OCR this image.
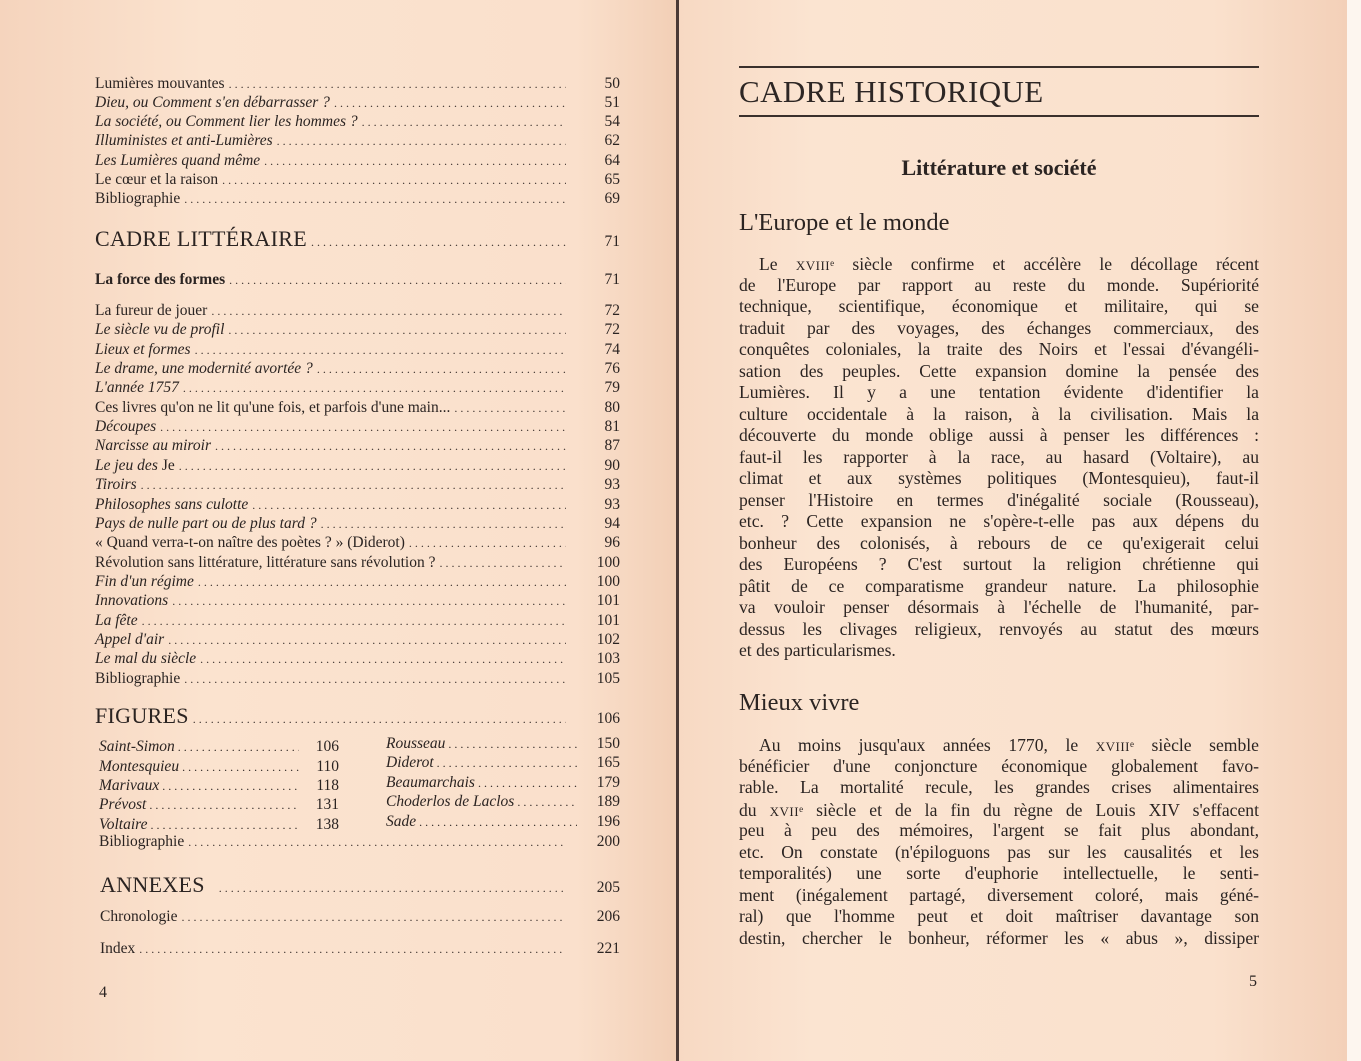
Lumières mouvantes . . .	50
Dieu, ou Comment s'en débarrasser ? . . .	51
La société, ou Comment lier les hommes ? . . .	54
Illuministes et anti-Lumières . . .	62
Les Lumières quand même . . .	64
Le cœur et la raison . . .	65
Bibliographie . . .	69
CADRE LITTÉRAIRE . . .	71
La force des formes . . .	71
La fureur de jouer . . .	72
Le siècle vu de profil . . .	72
Lieux et formes . . .	74
Le drame, une modernité avortée ? . . .	76
L'année 1757 . . .	79
Ces livres qu'on ne lit qu'une fois, et parfois d'une main... . . .	80
Découpes . . .	81
Narcisse au miroir . . .	87
Le jeu des Je . . .	90
Tiroirs . . .	93
Philosophes sans culotte . . .	93
Pays de nulle part ou de plus tard ? . . .	94
« Quand verra-t-on naître des poètes ? » (Diderot) . . .	96
Révolution sans littérature, littérature sans révolution ? . . .	100
Fin d'un régime . . .	100
Innovations . . .	101
La fête . . .	101
Appel d'air . . .	102
Le mal du siècle . . .	103
Bibliographie . . .	105
FIGURES . . .	106
Saint-Simon . . .	106
Montesquieu . . .	110
Marivaux . . .	118
Prévost . . .	131
Voltaire . . .	138
Rousseau . . .	150
Diderot . . .	165
Beaumarchais . . .	179
Choderlos de Laclos . . .	189
Sade . . .	196
Bibliographie . . .	200
ANNEXES . . .	205
Chronologie . . .	206
Index . . .	221
4
CADRE HISTORIQUE
Littérature et société
L'Europe et le monde
Le XVIIIe siècle confirme et accélère le décollage récent
de l'Europe par rapport au reste du monde. Supériorité
technique, scientifique, économique et militaire, qui se
traduit par des voyages, des échanges commerciaux, des
conquêtes coloniales, la traite des Noirs et l'essai d'évangéli-
sation des peuples. Cette expansion domine la pensée des
Lumières. Il y a une tentation évidente d'identifier la
culture occidentale à la raison, à la civilisation. Mais la
découverte du monde oblige aussi à penser les différences :
faut-il les rapporter à la race, au hasard (Voltaire), au
climat et aux systèmes politiques (Montesquieu), faut-il
penser l'Histoire en termes d'inégalité sociale (Rousseau),
etc. ? Cette expansion ne s'opère-t-elle pas aux dépens du
bonheur des colonisés, à rebours de ce qu'exigerait celui
des Européens ? C'est surtout la religion chrétienne qui
pâtit de ce comparatisme grandeur nature. La philosophie
va vouloir penser désormais à l'échelle de l'humanité, par-
dessus les clivages religieux, renvoyés au statut des mœurs
et des particularismes.
Mieux vivre
Au moins jusqu'aux années 1770, le XVIIIe siècle semble
bénéficier d'une conjoncture économique globalement favo-
rable. La mortalité recule, les grandes crises alimentaires
du XVIIe siècle et de la fin du règne de Louis XIV s'effacent
peu à peu des mémoires, l'argent se fait plus abondant,
etc. On constate (n'épiloguons pas sur les causalités et les
temporalités) une sorte d'euphorie intellectuelle, le senti-
ment (inégalement partagé, diversement coloré, mais géné-
ral) que l'homme peut et doit maîtriser davantage son
destin, chercher le bonheur, réformer les « abus », dissiper
5
